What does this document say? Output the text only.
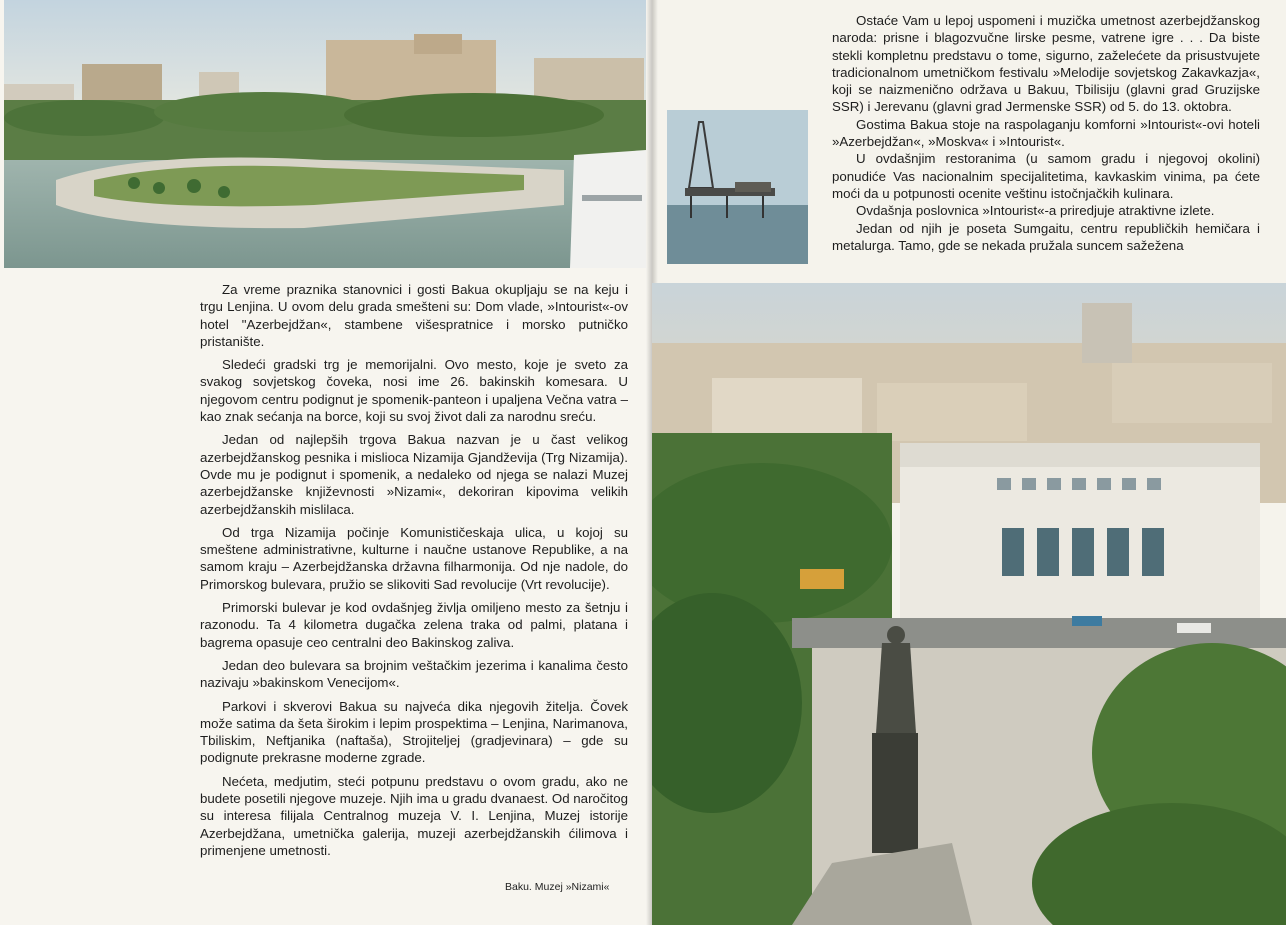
Za vreme praznika stanovnici i gosti Bakua okupljaju se na keju i trgu Lenjina. U ovom delu grada smešteni su: Dom vlade, »Intourist«-ov hotel "Azerbejdžan«, stambene višespratnice i morsko putničko pristanište.

Sledeći gradski trg je memorijalni. Ovo mesto, koje je sveto za svakog sovjetskog čoveka, nosi ime 26. bakinskih komesara. U njegovom centru podignut je spomenik-panteon i upaljena Večna vatra – kao znak sećanja na borce, koji su svoj život dali za narodnu sreću.

Jedan od najlepših trgova Bakua nazvan je u čast velikog azerbejdžanskog pesnika i mislioca Nizamija Gjandževija (Trg Nizamija). Ovde mu je podignut i spomenik, a nedaleko od njega se nalazi Muzej azerbejdžanske književnosti »Nizami«, dekoriran kipovima velikih azerbejdžanskih mislilaca.

Od trga Nizamija počinje Komunističeskaja ulica, u kojoj su smeštene administrativne, kulturne i naučne ustanove Republike, a na samom kraju – Azerbejdžanska državna filharmonija. Od nje nadole, do Primorskog bulevara, pružio se slikoviti Sad revolucije (Vrt revolucije).

Primorski bulevar je kod ovdašnjeg življa omiljeno mesto za šetnju i razonodu. Ta 4 kilometra dugačka zelena traka od palmi, platana i bagrema opasuje ceo centralni deo Bakinskog zaliva.

Jedan deo bulevara sa brojnim veštačkim jezerima i kanalima često nazivaju »bakinskom Venecijom«.

Parkovi i skverovi Bakua su najveća dika njegovih žitelja. Čovek može satima da šeta širokim i lepim prospektima – Lenjina, Narimanova, Tbiliskim, Neftjanika (naftaša), Strojiteljej (gradjevinara) – gde su podignute prekrasne moderne zgrade.

Nećeta, medjutim, steći potpunu predstavu o ovom gradu, ako ne budete posetili njegove muzeje. Njih ima u gradu dvanaest. Od naročitog su interesa filijala Centralnog muzeja V. I. Lenjina, Muzej istorije Azerbejdžana, umetnička galerija, muzeji azerbejdžanskih ćilimova i primenjene umetnosti.

Baku. Muzej »Nizami«

Ostaće Vam u lepoj uspomeni i muzička umetnost azerbejdžanskog naroda: prisne i blagozvučne lirske pesme, vatrene igre . . . Da biste stekli kompletnu predstavu o tome, sigurno, zaželećete da prisustvujete tradicionalnom umetničkom festivalu »Melodije sovjetskog Zakavkazja«, koji se naizmenično održava u Bakuu, Tbilisiju (glavni grad Gruzijske SSR) i Jerevanu (glavni grad Jermenske SSR) od 5. do 13. oktobra.

Gostima Bakua stoje na raspolaganju komforni »Intourist«-ovi hoteli »Azerbejdžan«, »Moskva« i »Intourist«.

U ovdašnjim restoranima (u samom gradu i njegovoj okolini) ponudiće Vas nacionalnim specijalitetima, kavkaskim vinima, pa ćete moći da u potpunosti ocenite veštinu istočnjačkih kulinara.

Ovdašnja poslovnica »Intourist«-a priredjuje atraktivne izlete.

Jedan od njih je poseta Sumgaitu, centru republičkih hemičara i metalurga. Tamo, gde se nekada pružala suncem sažežena
